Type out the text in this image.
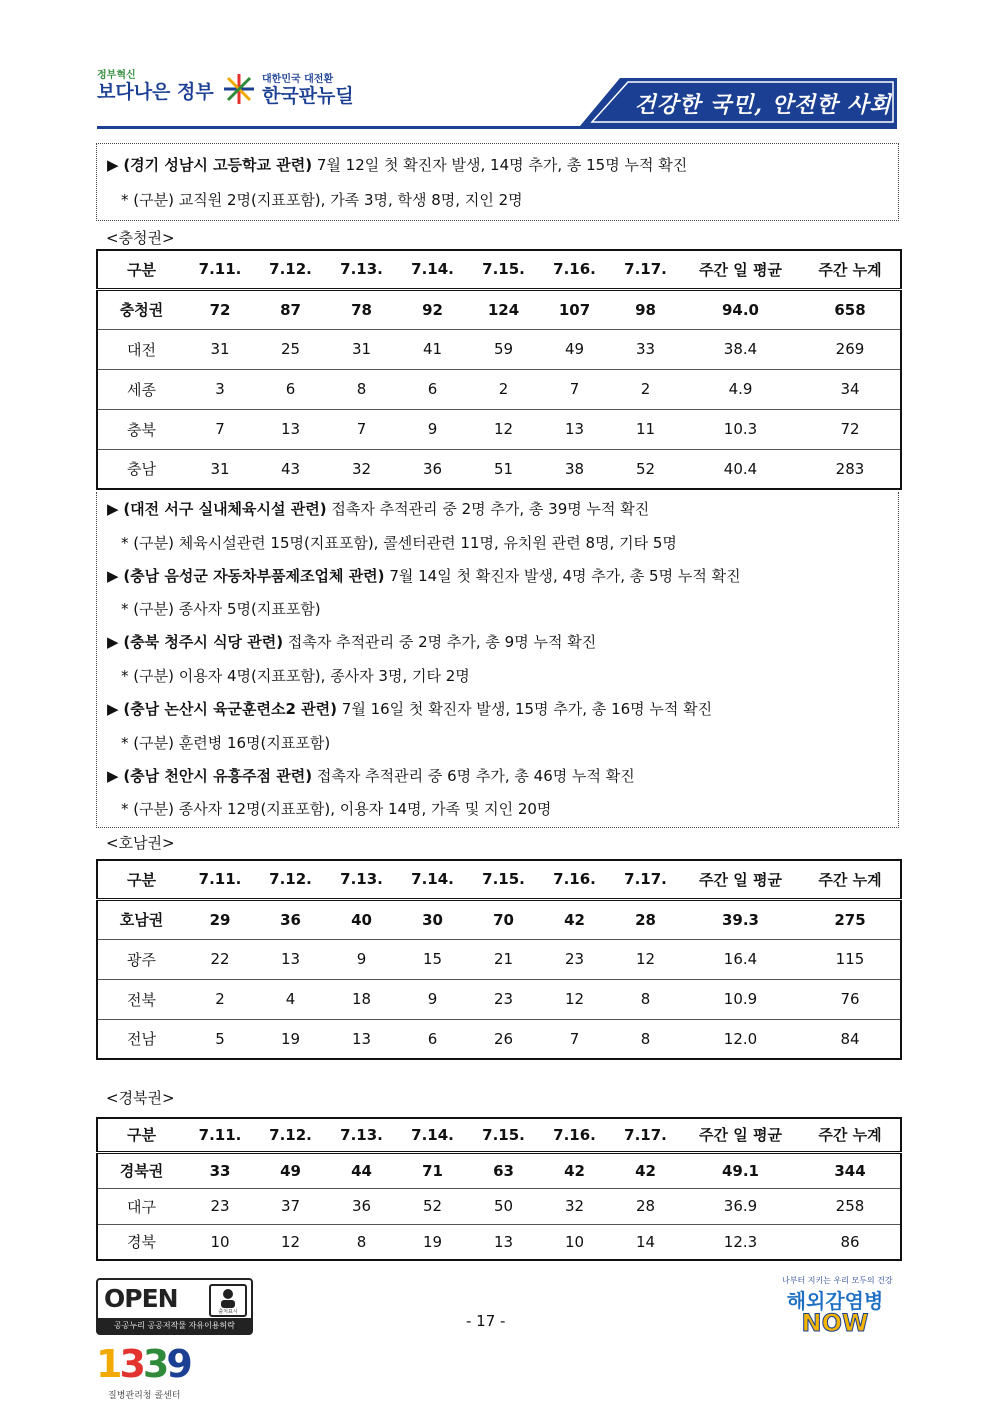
정부혁신
보다나은 정부
대한민국 대전환
한국판뉴딜	건강한 국민, 안전한 사회
▶ (경기 성남시 고등학교 관련) 7월 12일 첫 확진자 발생, 14명 추가, 총 15명 누적 확진
* (구분) 교직원 2명(지표포함), 가족 3명, 학생 8명, 지인 2명
<충청권>
구분	7.11.	7.12.	7.13.	7.14.	7.15.	7.16.	7.17.	주간 일 평균	주간 누계
충청권	72	87	78	92	124	107	98	94.0	658
대전	31	25	31	41	59	49	33	38.4	269
세종	3	6	8	6	2	7	2	4.9	34
충북	7	13	7	9	12	13	11	10.3	72
충남	31	43	32	36	51	38	52	40.4	283
▶ (대전 서구 실내체육시설 관련) 접촉자 추적관리 중 2명 추가, 총 39명 누적 확진
* (구분) 체육시설관련 15명(지표포함), 콜센터관련 11명, 유치원 관련 8명, 기타 5명
▶ (충남 음성군 자동차부품제조업체 관련) 7월 14일 첫 확진자 발생, 4명 추가, 총 5명 누적 확진
* (구분) 종사자 5명(지표포함)
▶ (충북 청주시 식당 관련) 접촉자 추적관리 중 2명 추가, 총 9명 누적 확진
* (구분) 이용자 4명(지표포함), 종사자 3명, 기타 2명
▶ (충남 논산시 육군훈련소2 관련) 7월 16일 첫 확진자 발생, 15명 추가, 총 16명 누적 확진
* (구분) 훈련병 16명(지표포함)
▶ (충남 천안시 유흥주점 관련) 접촉자 추적관리 중 6명 추가, 총 46명 누적 확진
* (구분) 종사자 12명(지표포함), 이용자 14명, 가족 및 지인 20명
<호남권>
구분	7.11.	7.12.	7.13.	7.14.	7.15.	7.16.	7.17.	주간 일 평균	주간 누계
호남권	29	36	40	30	70	42	28	39.3	275
광주	22	13	9	15	21	23	12	16.4	115
전북	2	4	18	9	23	12	8	10.9	76
전남	5	19	13	6	26	7	8	12.0	84
<경북권>
구분	7.11.	7.12.	7.13.	7.14.	7.15.	7.16.	7.17.	주간 일 평균	주간 누계
경북권	33	49	44	71	63	42	42	49.1	344
대구	23	37	36	52	50	32	28	36.9	258
경북	10	12	8	19	13	10	14	12.3	86
OPEN	출처표시
공공누리 공공저작물 자유이용허락	- 17 -
나부터 지키는 우리 모두의 건강
해외감염병
NOW
1339
질병관리청 콜센터
